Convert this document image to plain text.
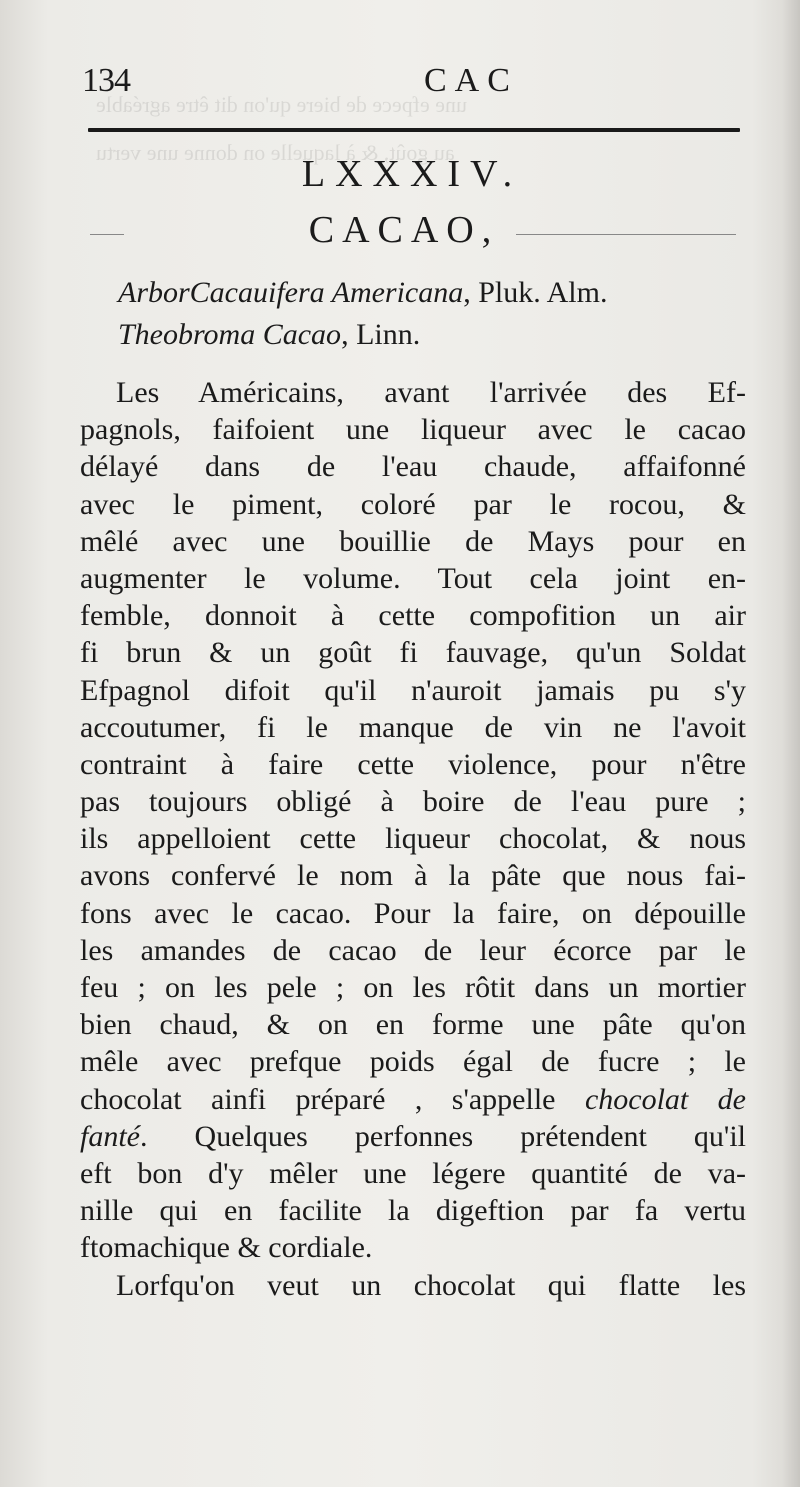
une efpece de biere qu'on dit être agréable
au goût, & à laquelle on donne une vertu
134	CAC
LXXXIV.
CACAO,
ArborCacauifera Americana, Pluk. Alm.
Theobroma Cacao, Linn.
Les Américains, avant l'arrivée des Ef-
pagnols, faifoient une liqueur avec le cacao
délayé dans de l'eau chaude, affaifonné
avec le piment, coloré par le rocou, &
mêlé avec une bouillie de Mays pour en
augmenter le volume. Tout cela joint en-
femble, donnoit à cette compofition un air
fi brun & un goût fi fauvage, qu'un Soldat
Efpagnol difoit qu'il n'auroit jamais pu s'y
accoutumer, fi le manque de vin ne l'avoit
contraint à faire cette violence, pour n'être
pas toujours obligé à boire de l'eau pure ;
ils appelloient cette liqueur chocolat, & nous
avons confervé le nom à la pâte que nous fai-
fons avec le cacao. Pour la faire, on dépouille
les amandes de cacao de leur écorce par le
feu ; on les pele ; on les rôtit dans un mortier
bien chaud, & on en forme une pâte qu'on
mêle avec prefque poids égal de fucre ; le
chocolat ainfi préparé , s'appelle chocolat de
fanté. Quelques perfonnes prétendent qu'il
eft bon d'y mêler une légere quantité de va-
nille qui en facilite la digeftion par fa vertu
ftomachique & cordiale.
Lorfqu'on veut un chocolat qui flatte les
